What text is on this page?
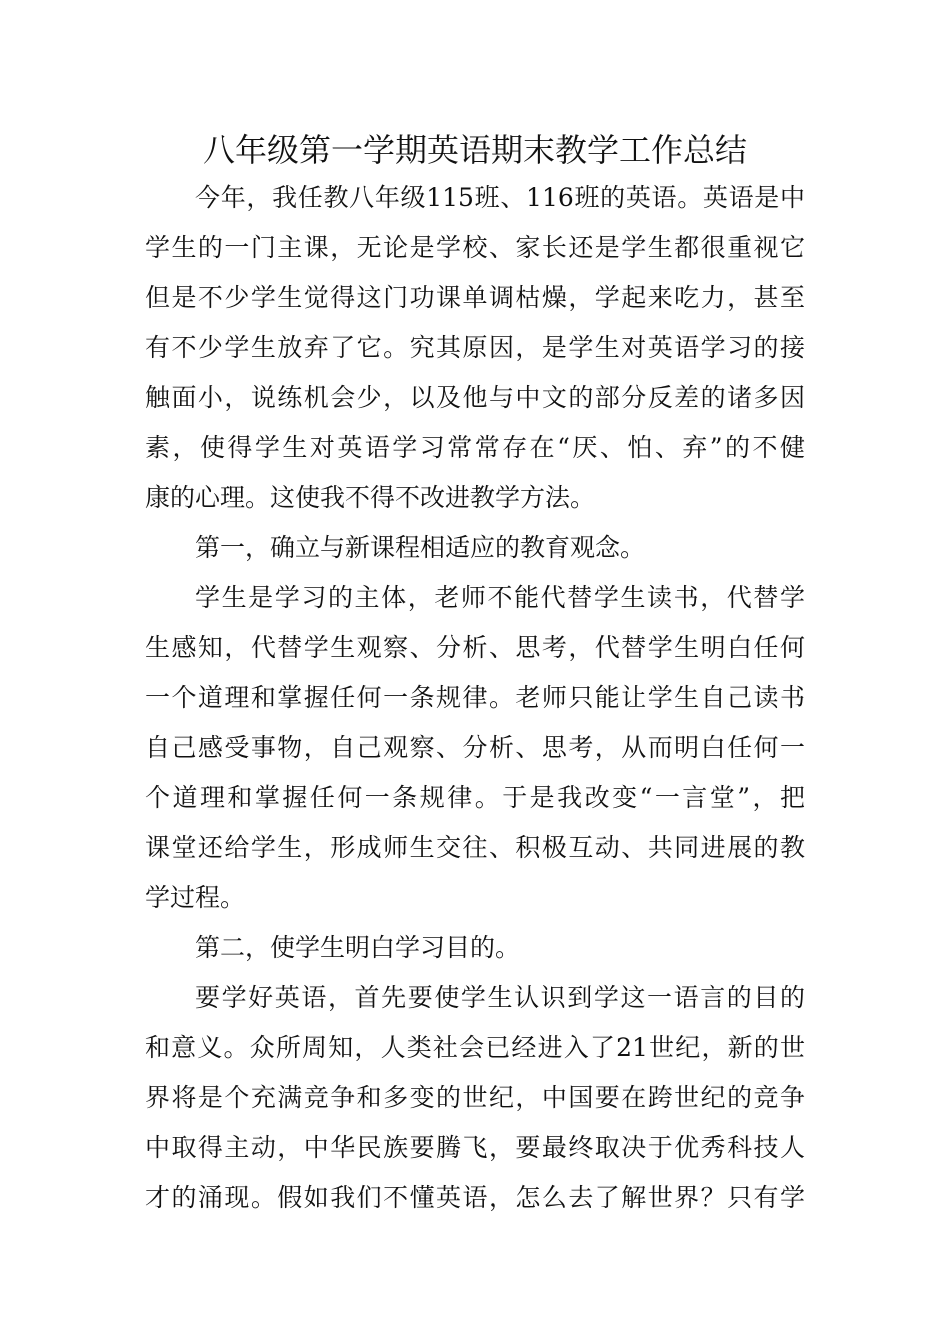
八年级第一学期英语期末教学工作总结
今年，我任教八年级115班、116班的英语。英语是中
学生的一门主课，无论是学校、家长还是学生都很重视它
但是不少学生觉得这门功课单调枯燥，学起来吃力，甚至
有不少学生放弃了它。究其原因，是学生对英语学习的接
触面小，说练机会少，以及他与中文的部分反差的诸多因
素，使得学生对英语学习常常存在“厌、怕、弃”的不健
康的心理。这使我不得不改进教学方法。
第一，确立与新课程相适应的教育观念。
学生是学习的主体，老师不能代替学生读书，代替学
生感知，代替学生观察、分析、思考，代替学生明白任何
一个道理和掌握任何一条规律。老师只能让学生自己读书
自己感受事物，自己观察、分析、思考，从而明白任何一
个道理和掌握任何一条规律。于是我改变“一言堂”，把
课堂还给学生，形成师生交往、积极互动、共同进展的教
学过程。
第二，使学生明白学习目的。
要学好英语，首先要使学生认识到学这一语言的目的
和意义。众所周知，人类社会已经进入了21世纪，新的世
界将是个充满竞争和多变的世纪，中国要在跨世纪的竞争
中取得主动，中华民族要腾飞，要最终取决于优秀科技人
才的涌现。假如我们不懂英语，怎么去了解世界？只有学
